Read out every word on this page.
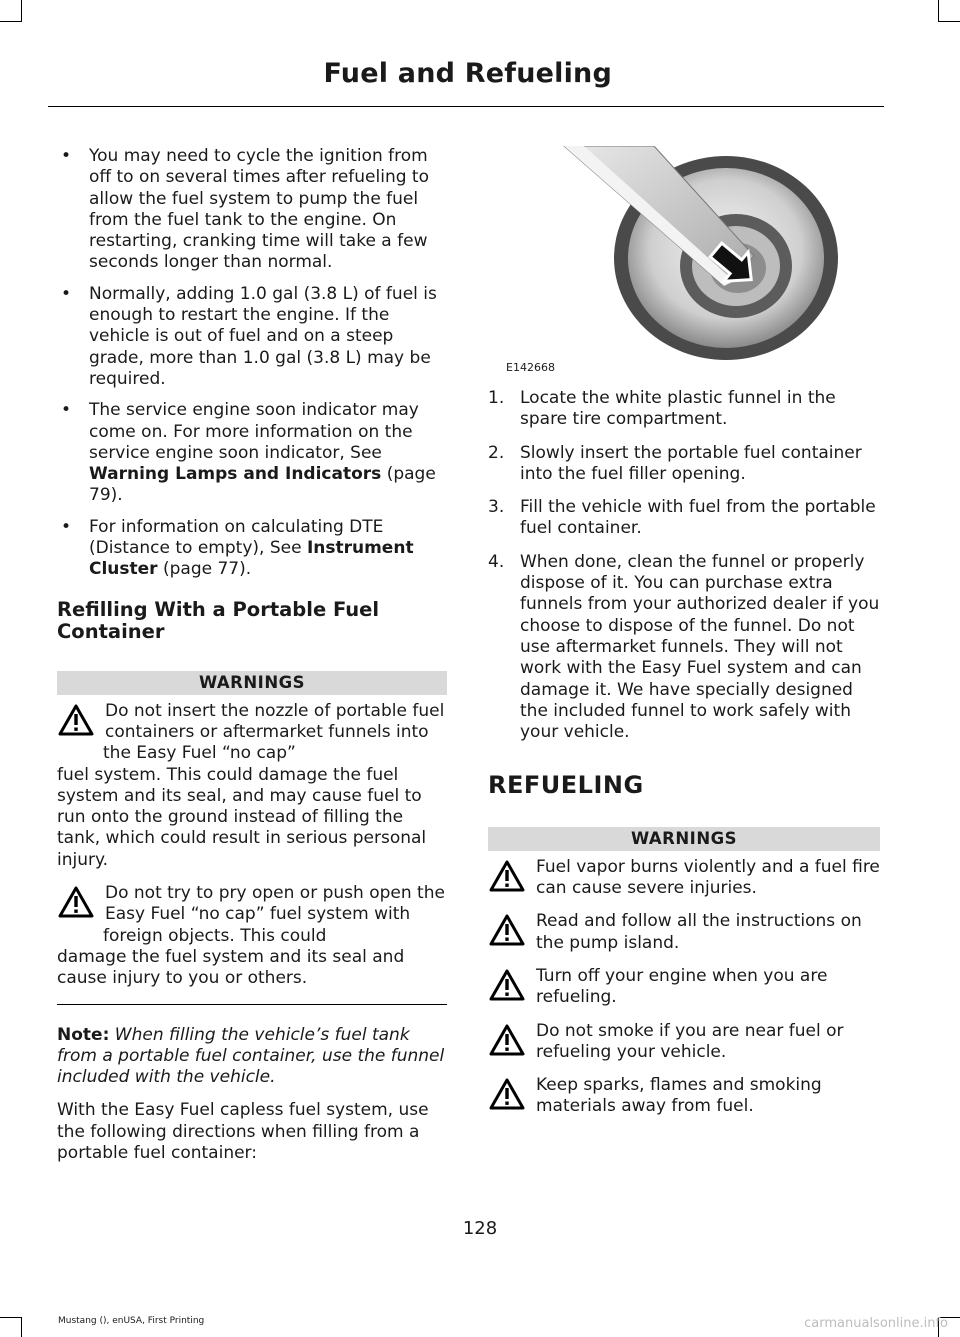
Fuel and Refueling
• You may need to cycle the ignition from off to on several times after refueling to allow the fuel system to pump the fuel from the fuel tank to the engine. On restarting, cranking time will take a few seconds longer than normal.
• Normally, adding 1.0 gal (3.8 L) of fuel is enough to restart the engine. If the vehicle is out of fuel and on a steep grade, more than 1.0 gal (3.8 L) may be required.
• The service engine soon indicator may come on. For more information on the service engine soon indicator, See Warning Lamps and Indicators (page 79).
• For information on calculating DTE (Distance to empty), See Instrument Cluster (page 77).
Refilling With a Portable Fuel Container
WARNINGS
Do not insert the nozzle of portable fuel containers or aftermarket funnels into the Easy Fuel “no cap”
fuel system. This could damage the fuel system and its seal, and may cause fuel to run onto the ground instead of filling the tank, which could result in serious personal injury.
Do not try to pry open or push open the Easy Fuel “no cap” fuel system with foreign objects. This could
damage the fuel system and its seal and cause injury to you or others.

Note: When filling the vehicle’s fuel tank from a portable fuel container, use the funnel included with the vehicle.

With the Easy Fuel capless fuel system, use the following directions when filling from a portable fuel container:

E142668
1. Locate the white plastic funnel in the spare tire compartment.
2. Slowly insert the portable fuel container into the fuel filler opening.
3. Fill the vehicle with fuel from the portable fuel container.
4. When done, clean the funnel or properly dispose of it. You can purchase extra funnels from your authorized dealer if you choose to dispose of the funnel. Do not use aftermarket funnels. They will not work with the Easy Fuel system and can damage it. We have specially designed the included funnel to work safely with your vehicle.
REFUELING
WARNINGS
Fuel vapor burns violently and a fuel fire can cause severe injuries.
Read and follow all the instructions on the pump island.
Turn off your engine when you are refueling.
Do not smoke if you are near fuel or refueling your vehicle.
Keep sparks, flames and smoking materials away from fuel.
128
Mustang (), enUSA, First Printing	carmanualsonline.info
